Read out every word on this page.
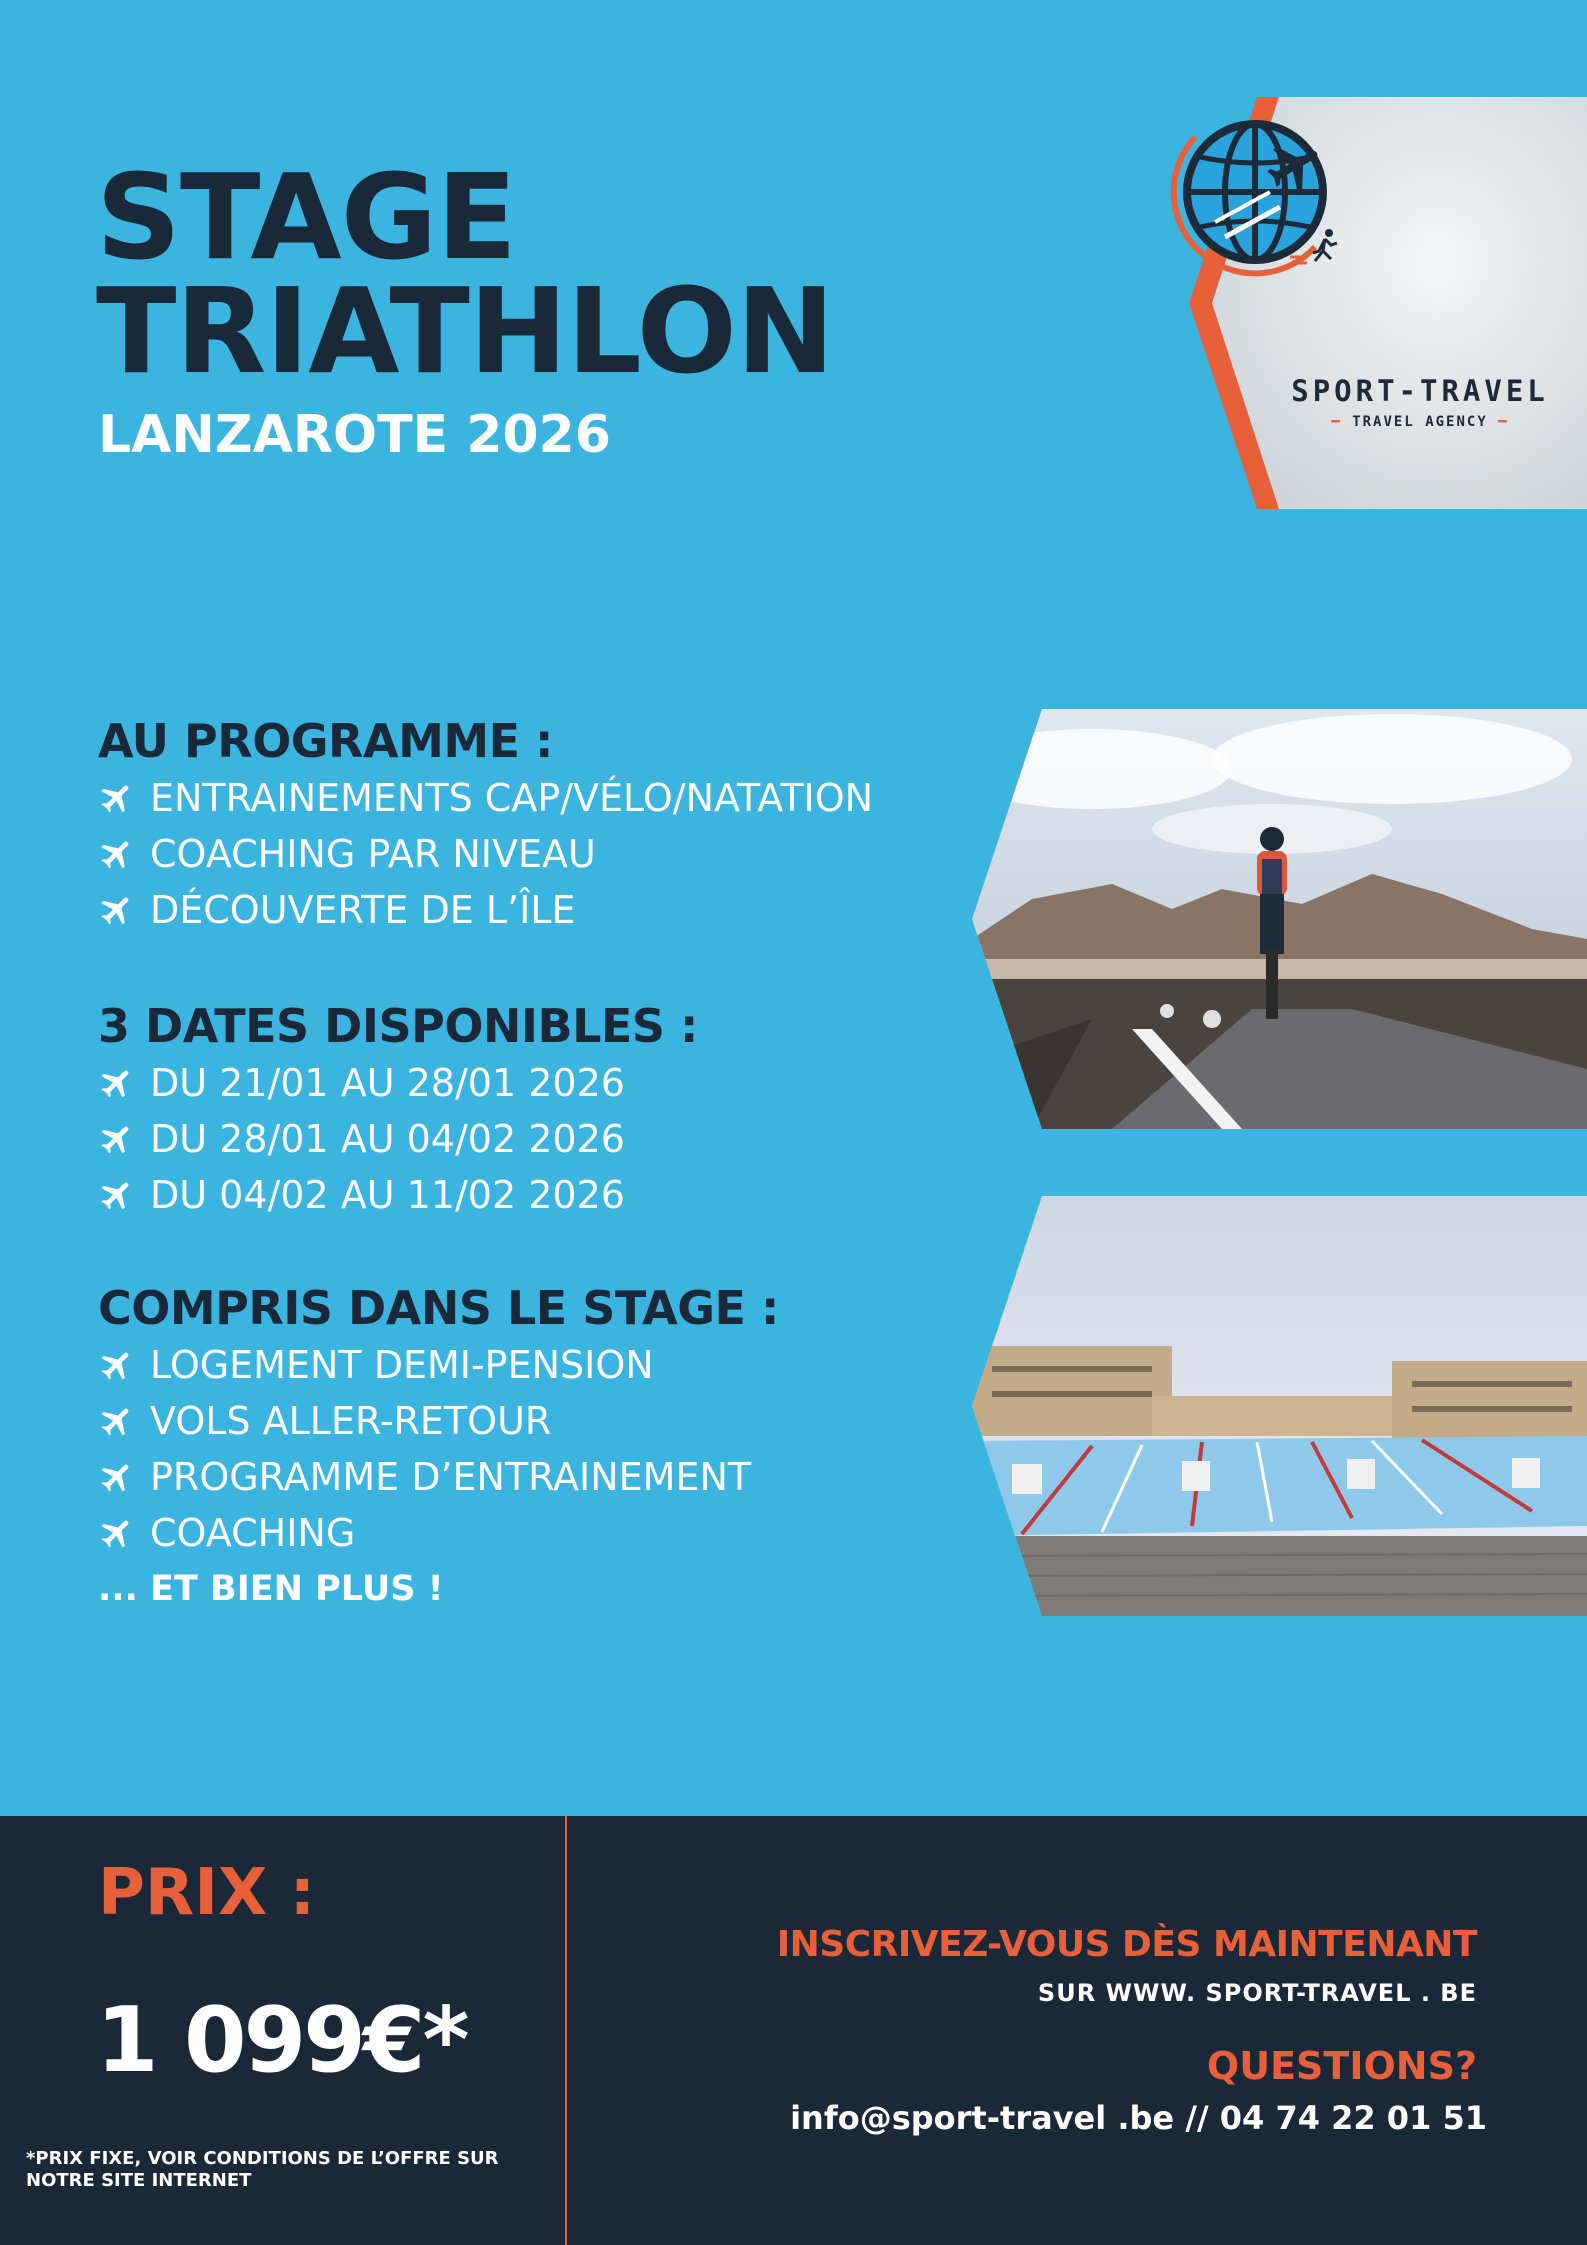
STAGE
TRIATHLON
LANZAROTE 2026
SPORT-TRAVEL
━ TRAVEL AGENCY ━
AU PROGRAMME :
ENTRAINEMENTS CAP/VÉLO/NATATION
COACHING PAR NIVEAU
DÉCOUVERTE DE L’ÎLE
3 DATES DISPONIBLES :
DU 21/01 AU 28/01 2026
DU 28/01 AU 04/02 2026
DU 04/02 AU 11/02 2026
COMPRIS DANS LE STAGE :
LOGEMENT DEMI-PENSION
VOLS ALLER-RETOUR
PROGRAMME D’ENTRAINEMENT
COACHING
... ET BIEN PLUS !
PRIX :
1 099€*
*PRIX FIXE, VOIR CONDITIONS DE L’OFFRE SUR NOTRE SITE INTERNET
INSCRIVEZ-VOUS DÈS MAINTENANT
SUR WWW. SPORT-TRAVEL . BE
QUESTIONS?
info@sport-travel .be // 04 74 22 01 51
